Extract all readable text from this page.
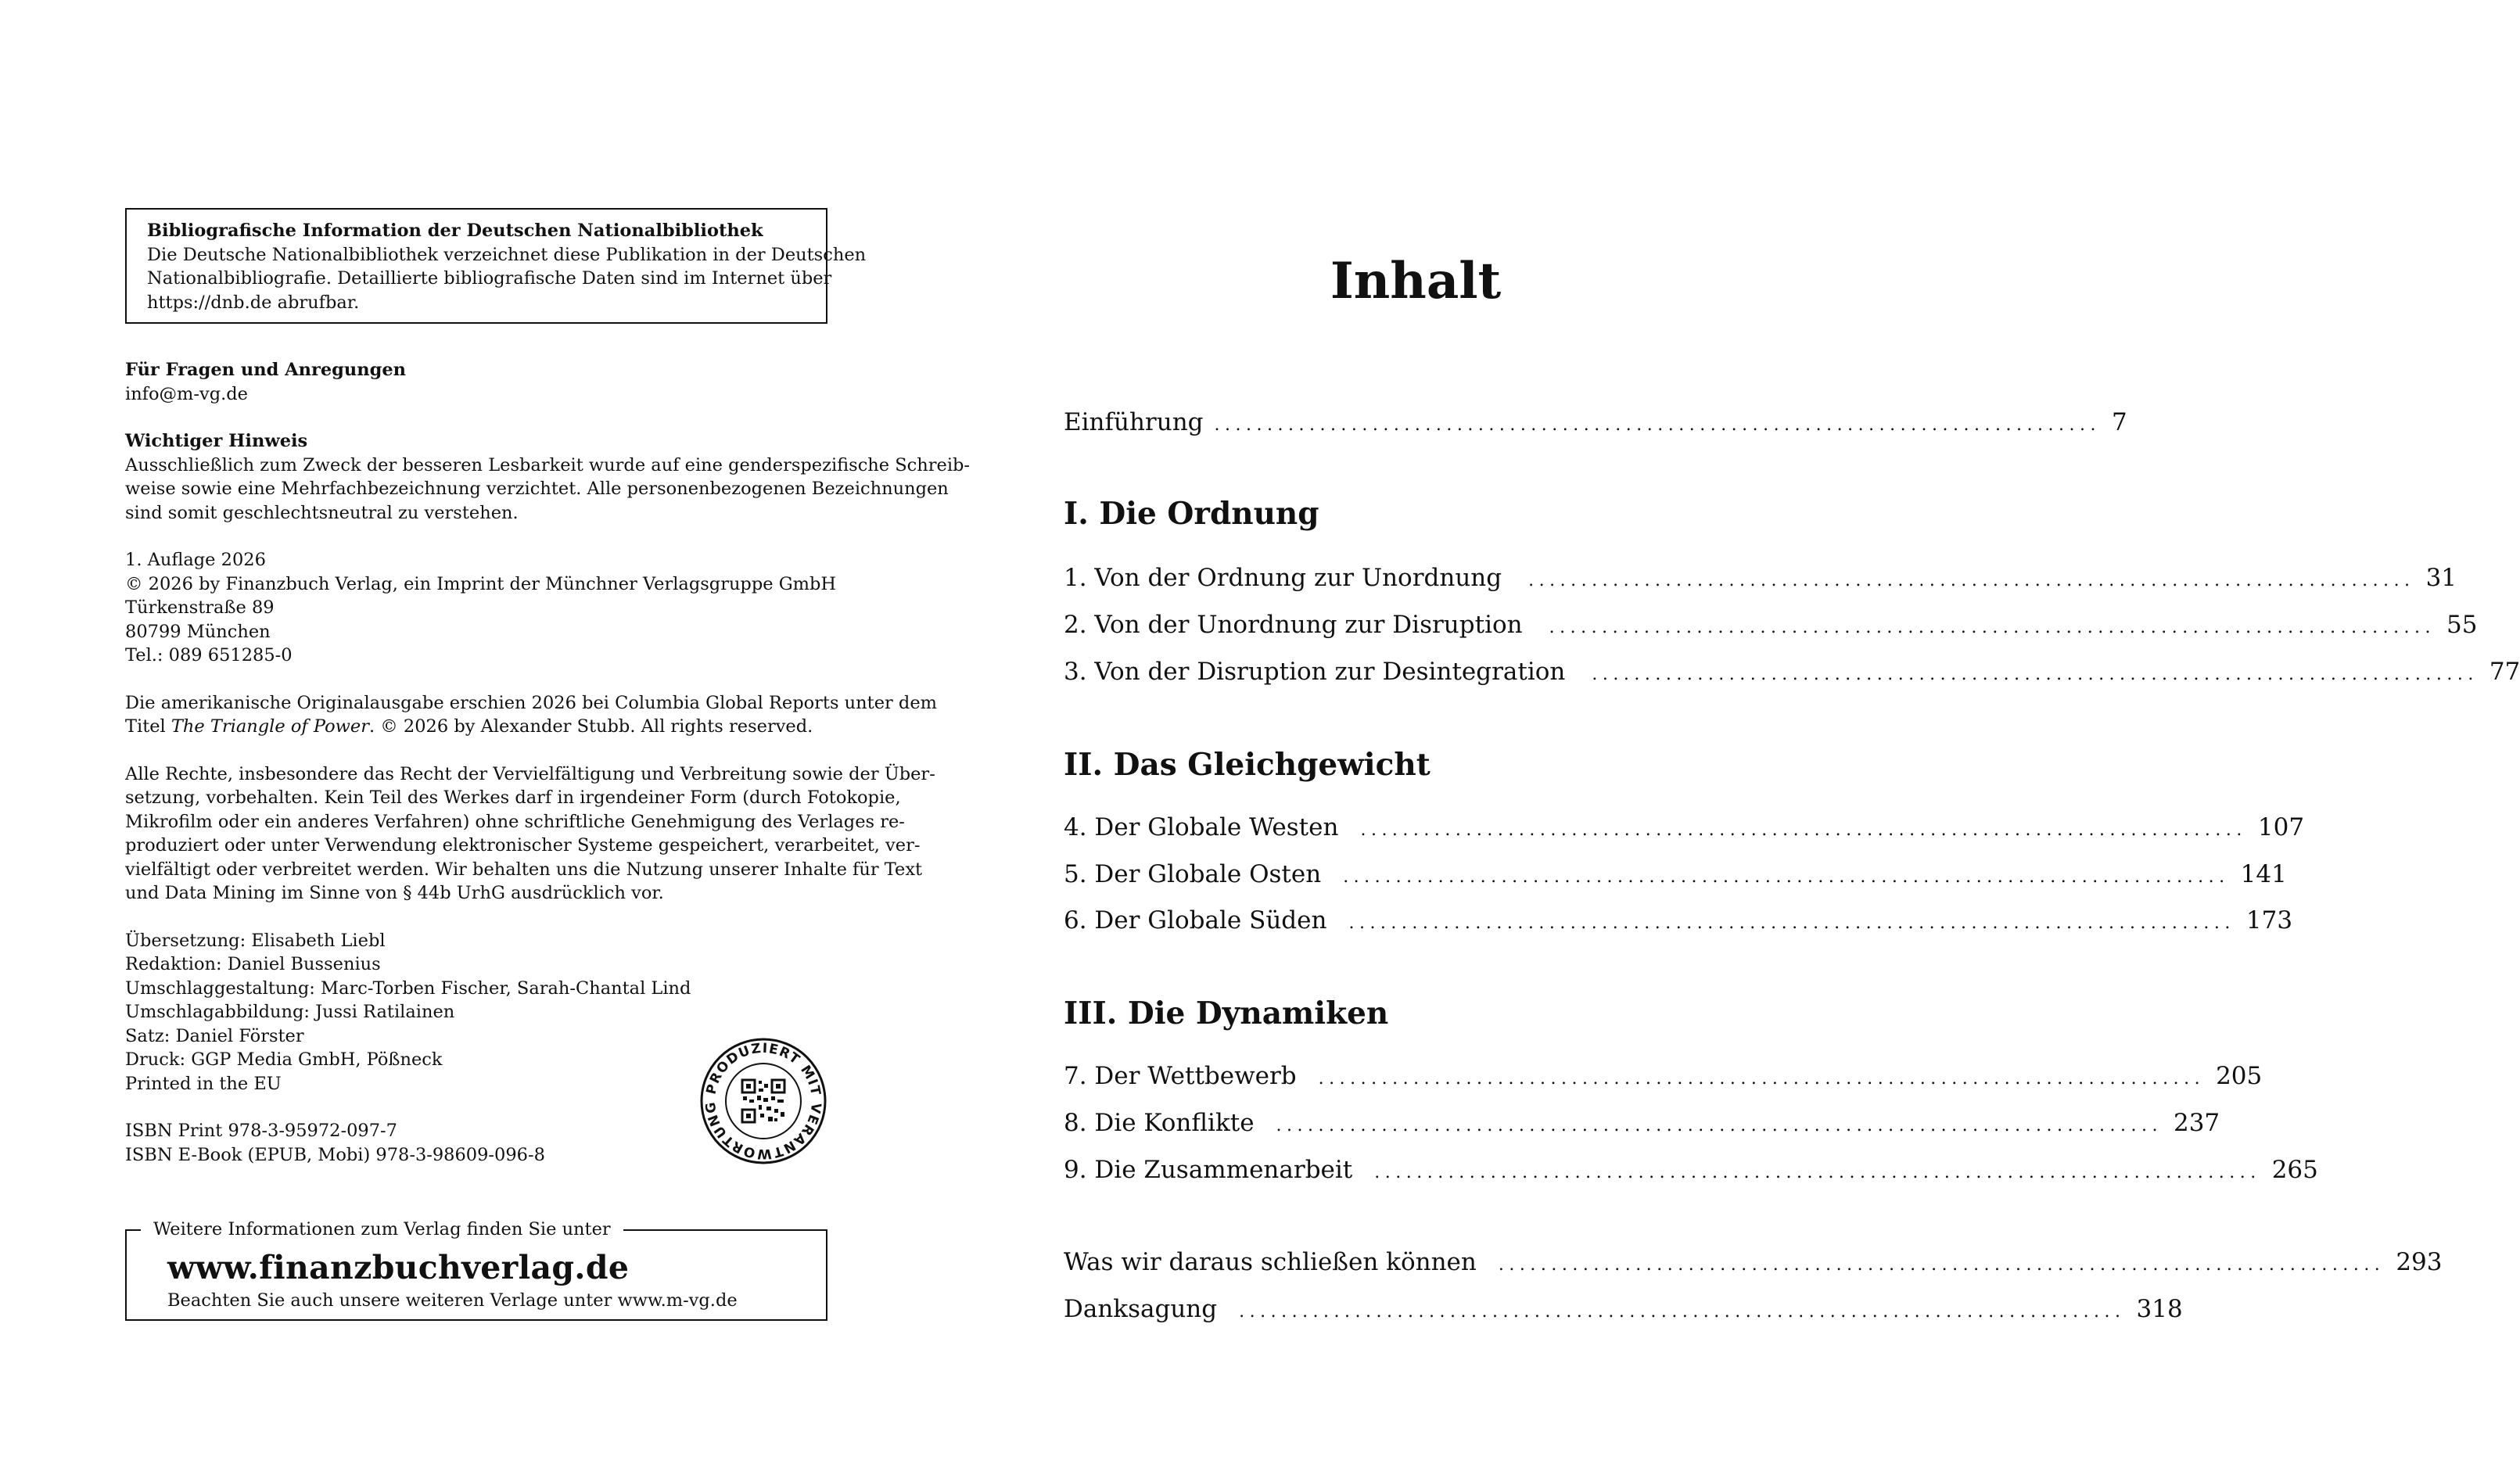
Bibliografische Information der Deutschen Nationalbibliothek
Die Deutsche Nationalbibliothek verzeichnet diese Publikation in der Deutschen
Nationalbibliografie. Detaillierte bibliografische Daten sind im Internet über
https://dnb.de abrufbar.
Für Fragen und Anregungen
info@m-vg.de
Wichtiger Hinweis
Ausschließlich zum Zweck der besseren Lesbarkeit wurde auf eine genderspezifische Schreib-
weise sowie eine Mehrfachbezeichnung verzichtet. Alle personenbezogenen Bezeichnungen
sind somit geschlechtsneutral zu verstehen.
1. Auflage 2026
© 2026 by Finanzbuch Verlag, ein Imprint der Münchner Verlagsgruppe GmbH
Türkenstraße 89
80799 München
Tel.: 089 651285-0
Die amerikanische Originalausgabe erschien 2026 bei Columbia Global Reports unter dem
Titel The Triangle of Power. © 2026 by Alexander Stubb. All rights reserved.
Alle Rechte, insbesondere das Recht der Vervielfältigung und Verbreitung sowie der Über-
setzung, vorbehalten. Kein Teil des Werkes darf in irgendeiner Form (durch Fotokopie,
Mikrofilm oder ein anderes Verfahren) ohne schriftliche Genehmigung des Verlages re-
produziert oder unter Verwendung elektronischer Systeme gespeichert, verarbeitet, ver-
vielfältigt oder verbreitet werden. Wir behalten uns die Nutzung unserer Inhalte für Text
und Data Mining im Sinne von § 44b UrhG ausdrücklich vor.
Übersetzung: Elisabeth Liebl
Redaktion: Daniel Bussenius
Umschlaggestaltung: Marc-Torben Fischer, Sarah-Chantal Lind
Umschlagabbildung: Jussi Ratilainen
Satz: Daniel Förster
Druck: GGP Media GmbH, Pößneck
Printed in the EU
ISBN Print 978-3-95972-097-7
ISBN E-Book (EPUB, Mobi) 978-3-98609-096-8
PRODUZIERT MIT VERANTWORTUNG
Weitere Informationen zum Verlag finden Sie unter
www.finanzbuchverlag.de
Beachten Sie auch unsere weiteren Verlage unter www.m-vg.de
Inhalt
Einführung .................................................................................... 7
I. Die Ordnung
1. Von der Ordnung zur Unordnung .................................................................................... 31
2. Von der Unordnung zur Disruption .................................................................................... 55
3. Von der Disruption zur Desintegration .................................................................................... 77
II. Das Gleichgewicht
4. Der Globale Westen .................................................................................... 107
5. Der Globale Osten .................................................................................... 141
6. Der Globale Süden .................................................................................... 173
III. Die Dynamiken
7. Der Wettbewerb .................................................................................... 205
8. Die Konflikte .................................................................................... 237
9. Die Zusammenarbeit .................................................................................... 265
Was wir daraus schließen können .................................................................................... 293
Danksagung .................................................................................... 318
